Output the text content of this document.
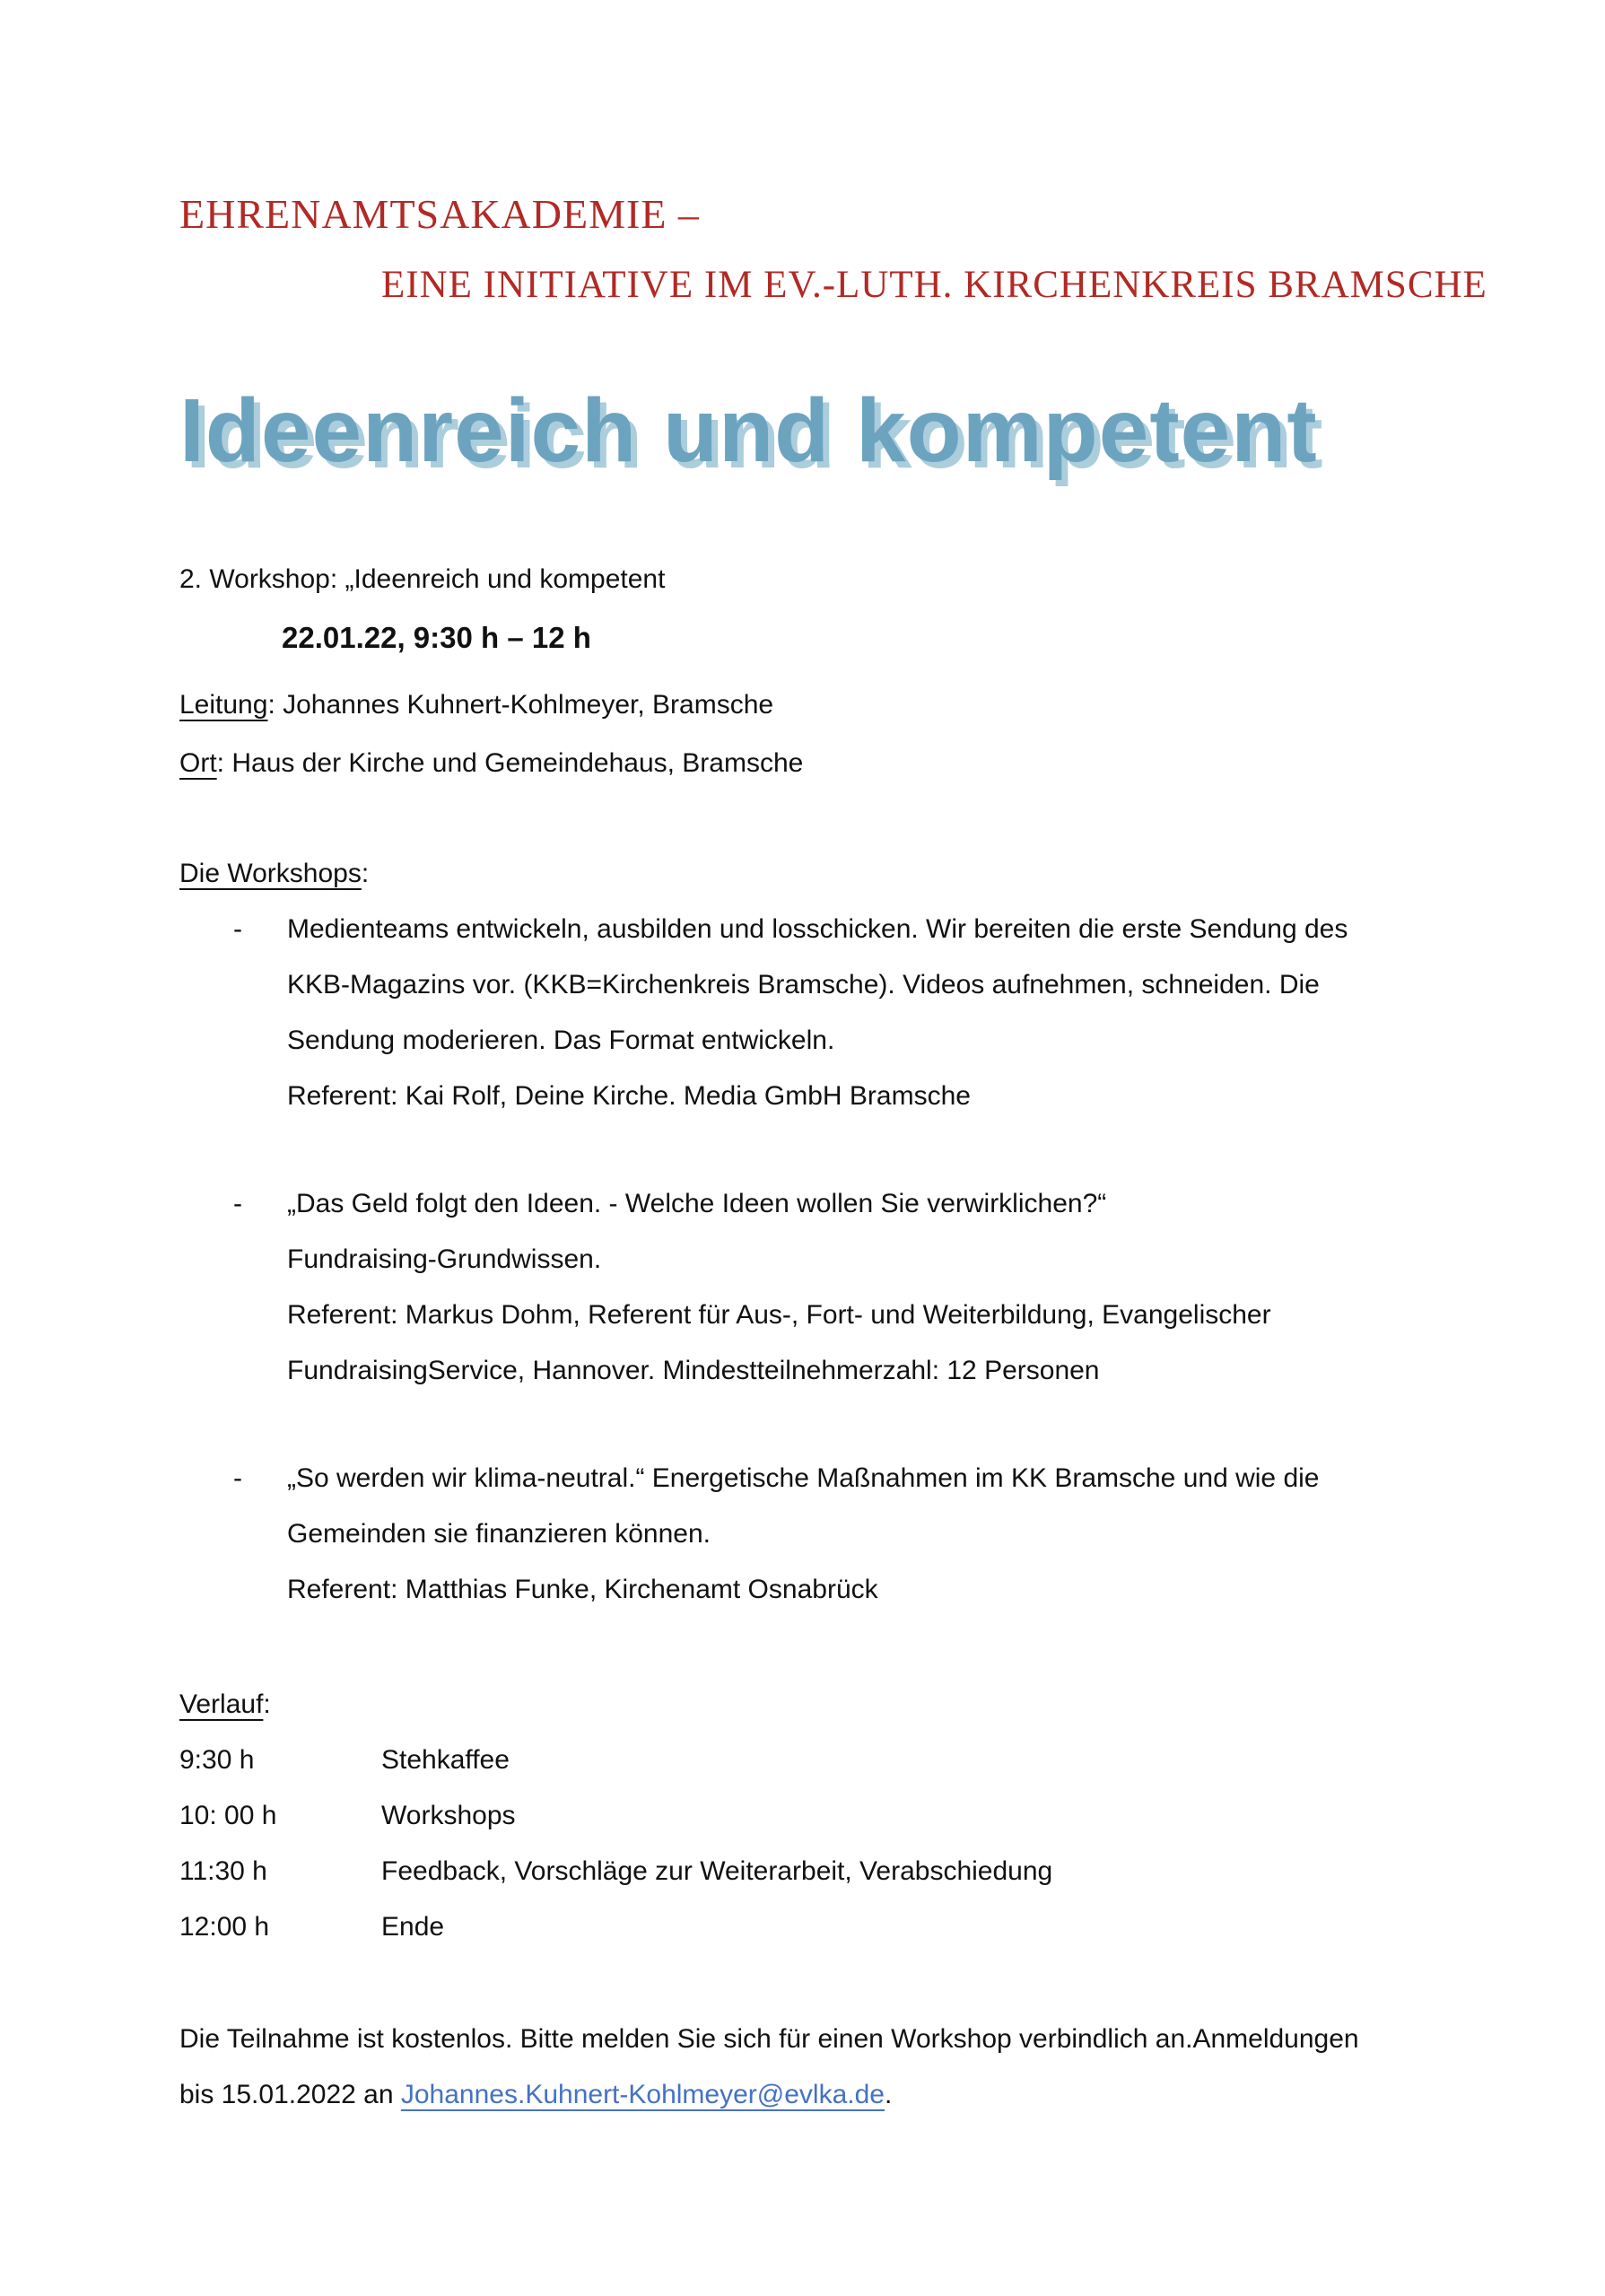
EHRENAMTSAKADEMIE –
EINE INITIATIVE IM EV.-LUTH. KIRCHENKREIS BRAMSCHE
Ideenreich und kompetent
2. Workshop: „Ideenreich und kompetent
22.01.22, 9:30 h – 12 h
Leitung: Johannes Kuhnert-Kohlmeyer, Bramsche
Ort: Haus der Kirche und Gemeindehaus, Bramsche
Die Workshops:
-	Medienteams entwickeln, ausbilden und losschicken. Wir bereiten die erste Sendung des
KKB-Magazins vor. (KKB=Kirchenkreis Bramsche). Videos aufnehmen, schneiden. Die
Sendung moderieren. Das Format entwickeln.
Referent: Kai Rolf, Deine Kirche. Media GmbH Bramsche
-	„Das Geld folgt den Ideen. - Welche Ideen wollen Sie verwirklichen?“
Fundraising-Grundwissen.
Referent: Markus Dohm, Referent für Aus-, Fort- und Weiterbildung, Evangelischer
FundraisingService, Hannover. Mindestteilnehmerzahl: 12 Personen
-	„So werden wir klima-neutral.“ Energetische Maßnahmen im KK Bramsche und wie die
Gemeinden sie finanzieren können.
Referent: Matthias Funke, Kirchenamt Osnabrück
Verlauf:
9:30 h	Stehkaffee
10: 00 h	Workshops
11:30 h	Feedback, Vorschläge zur Weiterarbeit, Verabschiedung
12:00 h	Ende
Die Teilnahme ist kostenlos. Bitte melden Sie sich für einen Workshop verbindlich an.Anmeldungen
bis 15.01.2022 an Johannes.Kuhnert-Kohlmeyer@evlka.de.
